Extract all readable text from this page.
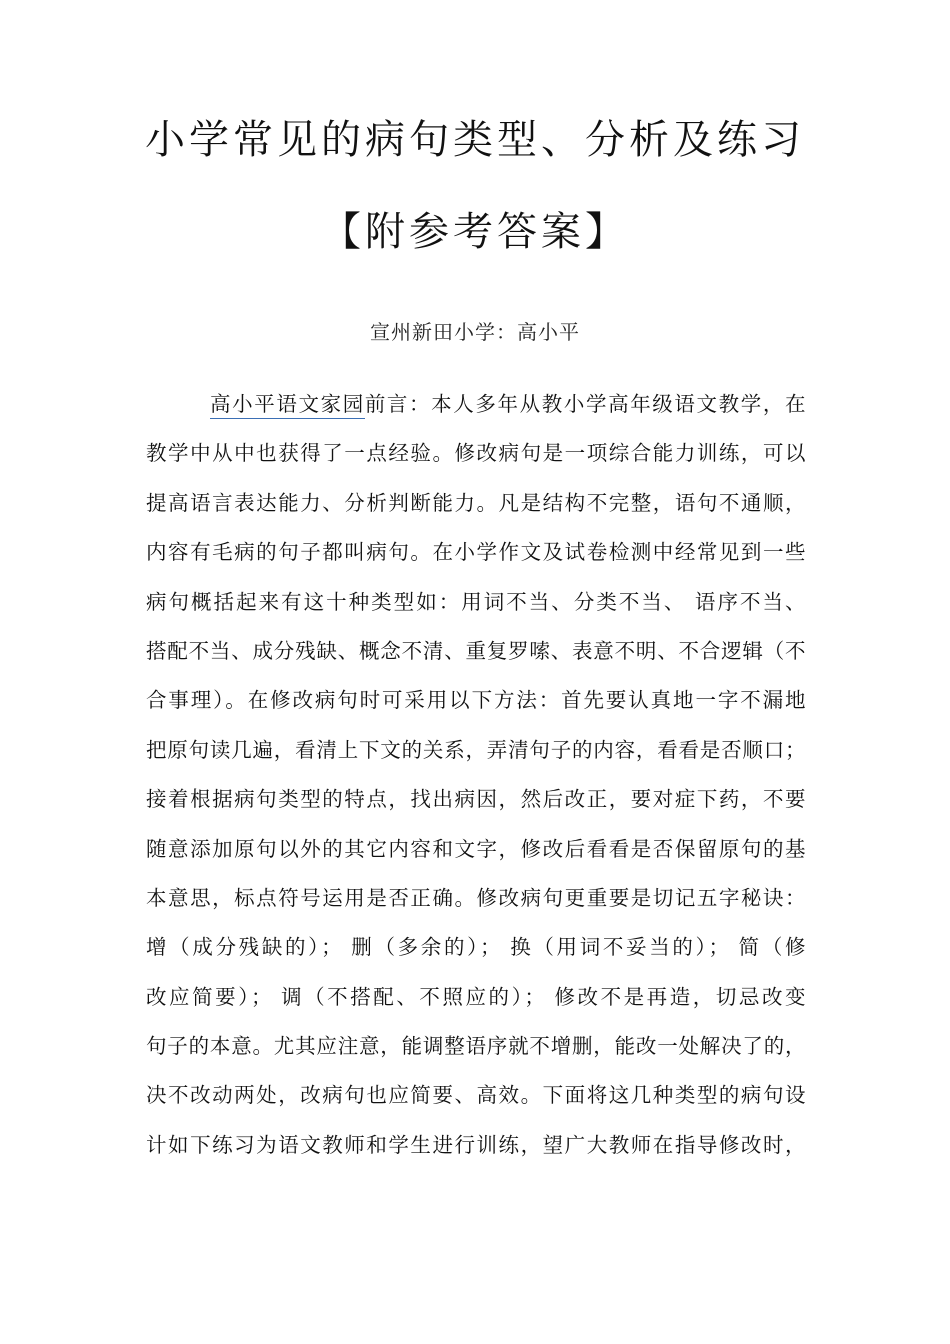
小学常见的病句类型、分析及练习
【附参考答案】
宣州新田小学：高小平
高小平语文家园前言：本人多年从教小学高年级语文教学，在
教学中从中也获得了一点经验。修改病句是一项综合能力训练，可以
提高语言表达能力、分析判断能力。凡是结构不完整，语句不通顺，
内容有毛病的句子都叫病句。在小学作文及试卷检测中经常见到一些
病句概括起来有这十种类型如：用词不当、分类不当、 语序不当、
搭配不当、成分残缺、概念不清、重复罗嗦、表意不明、不合逻辑（不
合事理）。在修改病句时可采用以下方法：首先要认真地一字不漏地
把原句读几遍，看清上下文的关系，弄清句子的内容，看看是否顺口；
接着根据病句类型的特点，找出病因，然后改正，要对症下药，不要
随意添加原句以外的其它内容和文字，修改后看看是否保留原句的基
本意思，标点符号运用是否正确。修改病句更重要是切记五字秘诀：
增（成分残缺的）； 删（多余的）； 换（用词不妥当的）； 简（修
改应简要）； 调（不搭配、不照应的）； 修改不是再造，切忌改变
句子的本意。尤其应注意，能调整语序就不增删，能改一处解决了的，
决不改动两处，改病句也应简要、高效。下面将这几种类型的病句设
计如下练习为语文教师和学生进行训练，望广大教师在指导修改时，
